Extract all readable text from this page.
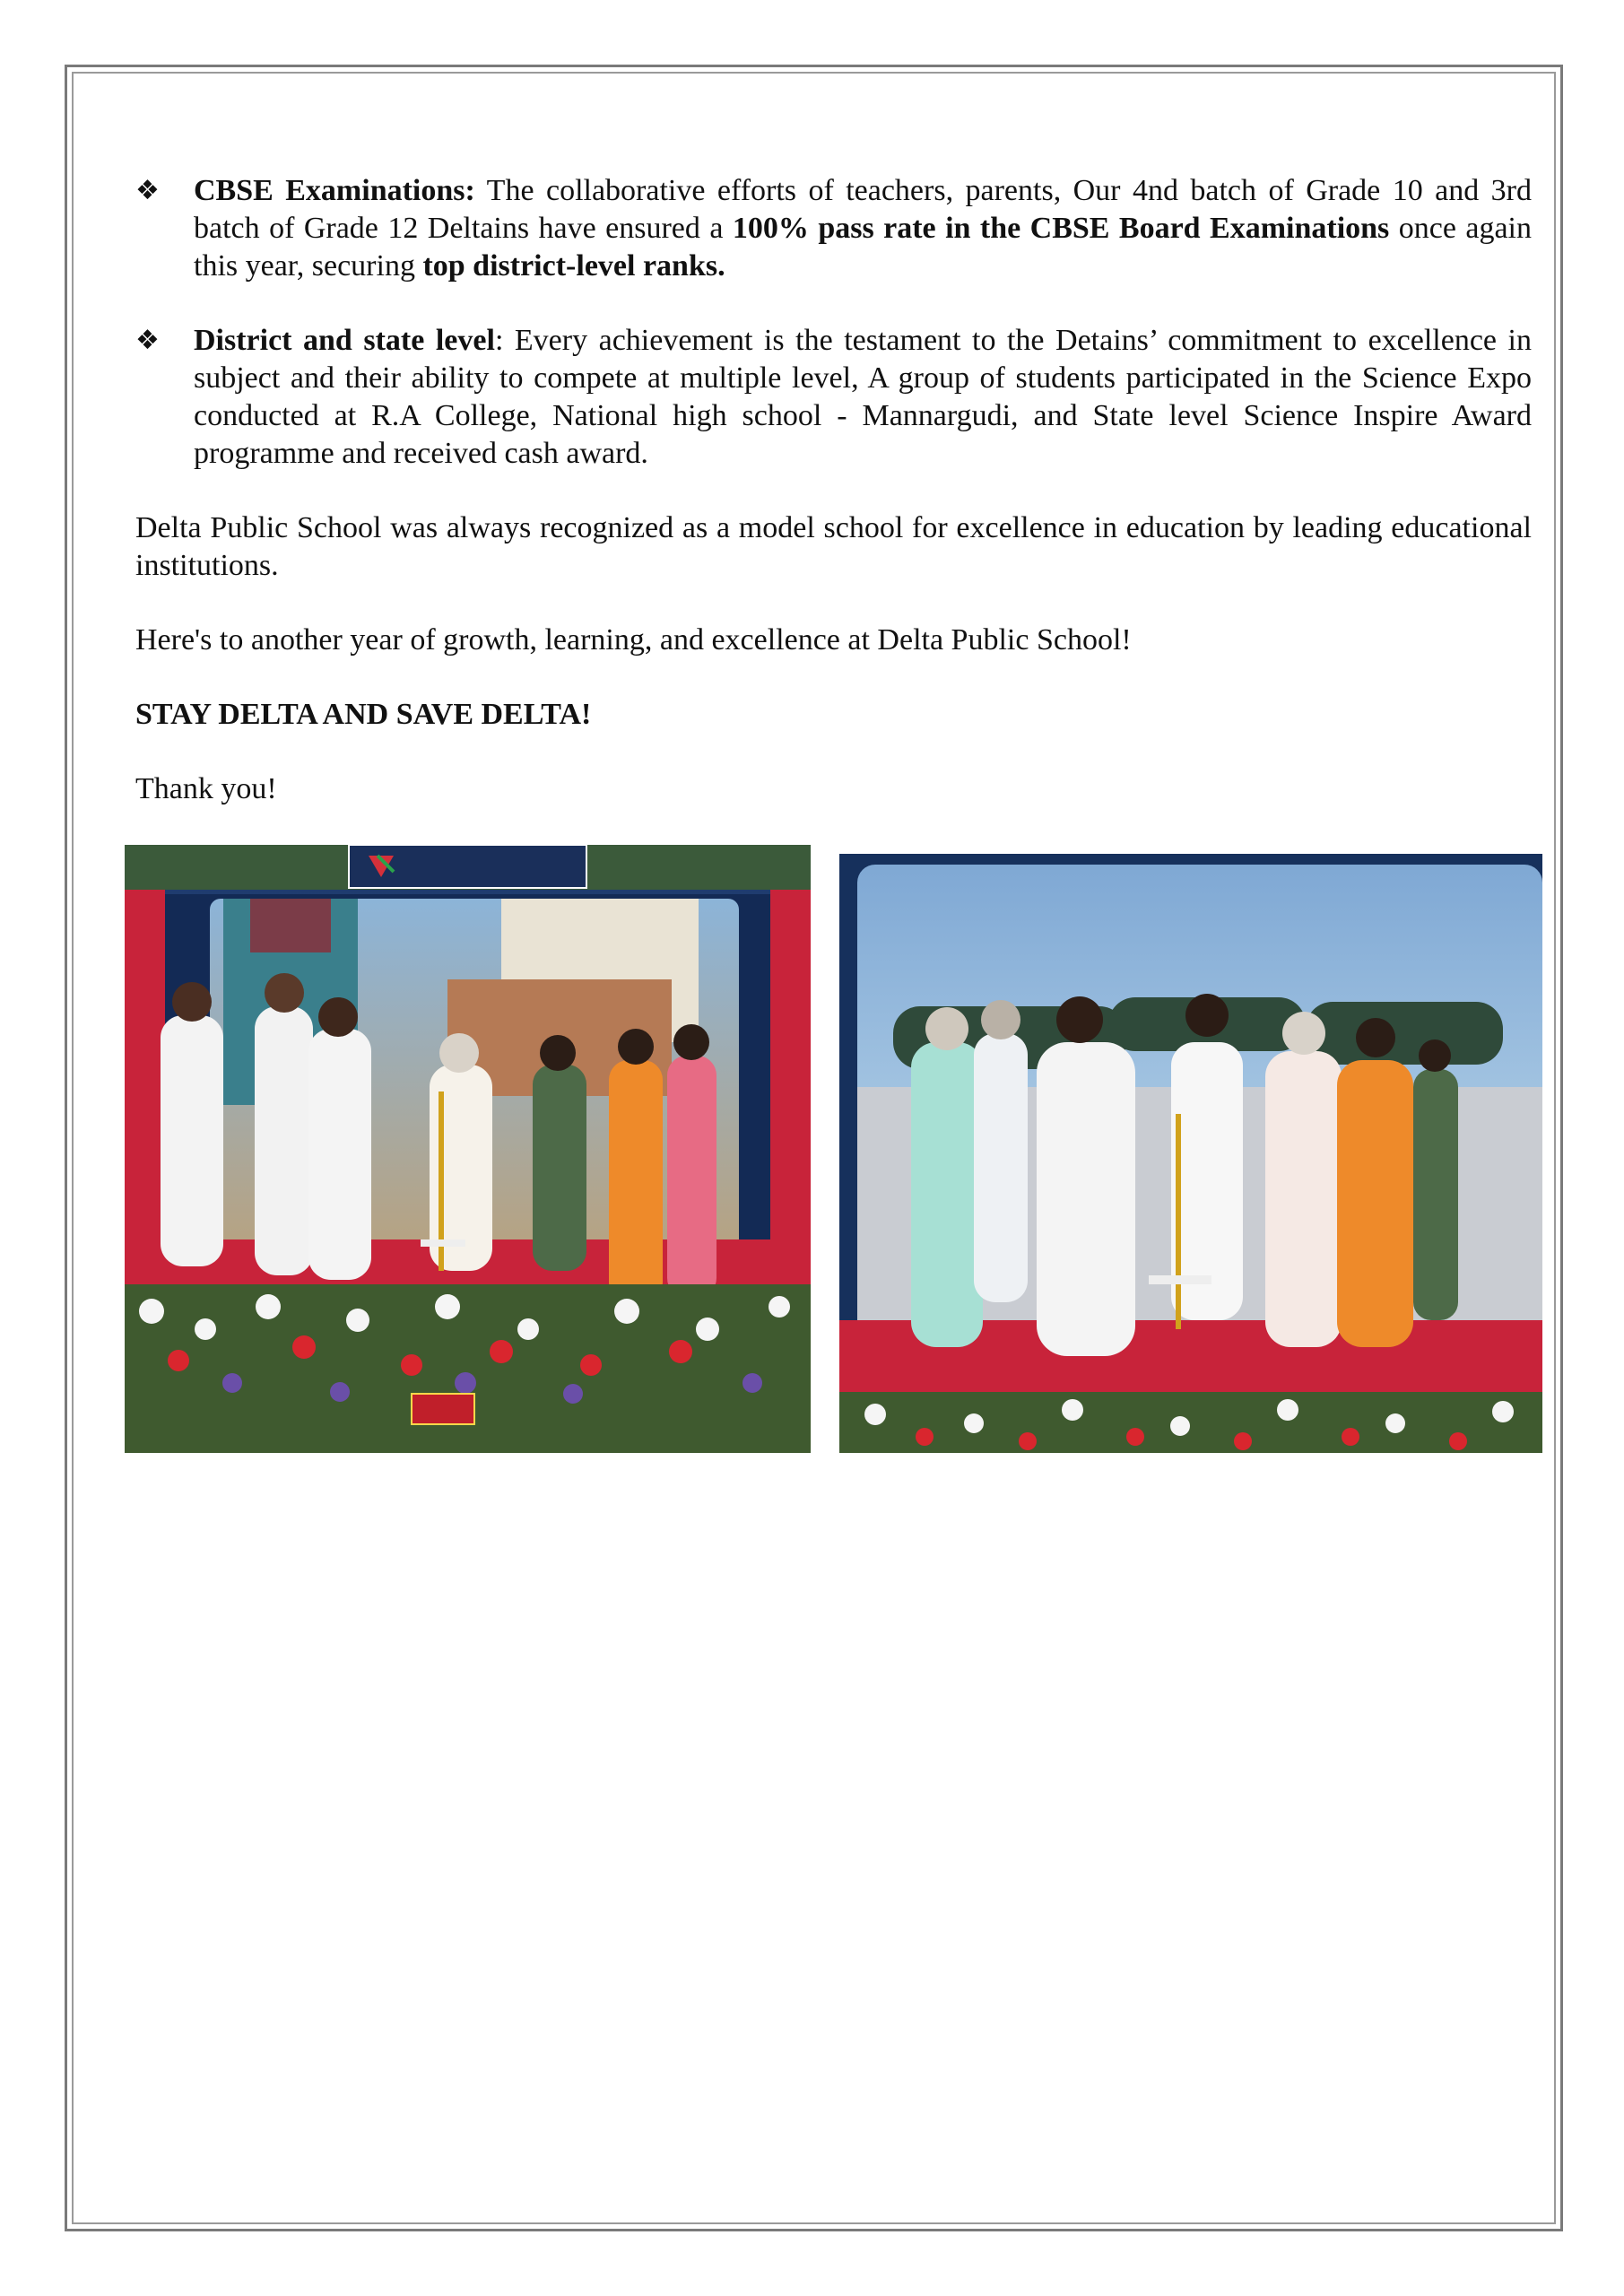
❖ CBSE Examinations: The collaborative efforts of teachers, parents, Our 4nd batch of Grade 10 and 3rd batch of Grade 12 Deltains have ensured a 100% pass rate in the CBSE Board Examinations once again this year, securing top district-level ranks.
❖ District and state level: Every achievement is the testament to the Detains’ commitment to excellence in subject and their ability to compete at multiple level, A group of students participated in the Science Expo conducted at R.A College, National high school - Mannargudi, and State level Science Inspire Award programme and received cash award.

Delta Public School was always recognized as a model school for excellence in education by leading educational institutions.

Here's to another year of growth, learning, and excellence at Delta Public School!

STAY DELTA AND SAVE DELTA!

Thank you!
